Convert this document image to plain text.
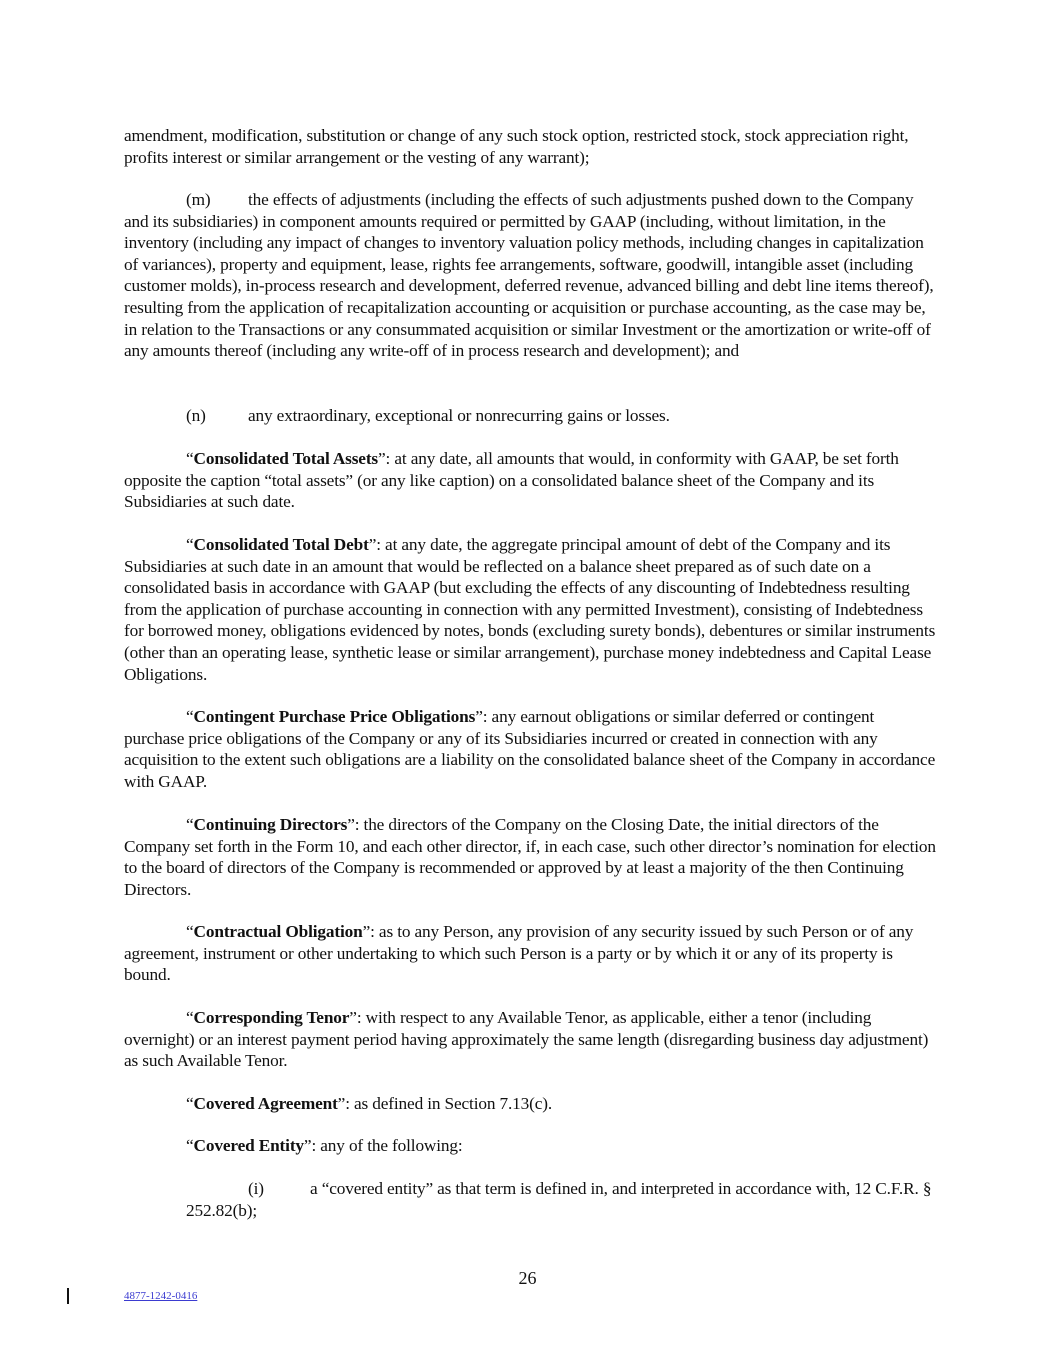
amendment, modification, substitution or change of any such stock option, restricted stock, stock appreciation right, profits interest or similar arrangement or the vesting of any warrant);

(m) the effects of adjustments (including the effects of such adjustments pushed down to the Company and its subsidiaries) in component amounts required or permitted by GAAP (including, without limitation, in the inventory (including any impact of changes to inventory valuation policy methods, including changes in capitalization of variances), property and equipment, lease, rights fee arrangements, software, goodwill, intangible asset (including customer molds), in-process research and development, deferred revenue, advanced billing and debt line items thereof), resulting from the application of recapitalization accounting or acquisition or purchase accounting, as the case may be, in relation to the Transactions or any consummated acquisition or similar Investment or the amortization or write-off of any amounts thereof (including any write-off of in process research and development); and

(n) any extraordinary, exceptional or nonrecurring gains or losses.

“Consolidated Total Assets”: at any date, all amounts that would, in conformity with GAAP, be set forth opposite the caption “total assets” (or any like caption) on a consolidated balance sheet of the Company and its Subsidiaries at such date.

“Consolidated Total Debt”: at any date, the aggregate principal amount of debt of the Company and its Subsidiaries at such date in an amount that would be reflected on a balance sheet prepared as of such date on a consolidated basis in accordance with GAAP (but excluding the effects of any discounting of Indebtedness resulting from the application of purchase accounting in connection with any permitted Investment), consisting of Indebtedness for borrowed money, obligations evidenced by notes, bonds (excluding surety bonds), debentures or similar instruments (other than an operating lease, synthetic lease or similar arrangement), purchase money indebtedness and Capital Lease Obligations.

“Contingent Purchase Price Obligations”: any earnout obligations or similar deferred or contingent purchase price obligations of the Company or any of its Subsidiaries incurred or created in connection with any acquisition to the extent such obligations are a liability on the consolidated balance sheet of the Company in accordance with GAAP.

“Continuing Directors”: the directors of the Company on the Closing Date, the initial directors of the Company set forth in the Form 10, and each other director, if, in each case, such other director’s nomination for election to the board of directors of the Company is recommended or approved by at least a majority of the then Continuing Directors.

“Contractual Obligation”: as to any Person, any provision of any security issued by such Person or of any agreement, instrument or other undertaking to which such Person is a party or by which it or any of its property is bound.

“Corresponding Tenor”: with respect to any Available Tenor, as applicable, either a tenor (including overnight) or an interest payment period having approximately the same length (disregarding business day adjustment) as such Available Tenor.

“Covered Agreement”: as defined in Section 7.13(c).

“Covered Entity”: any of the following:

(i)	a “covered entity” as that term is defined in, and interpreted in accordance with, 12 C.F.R. § 252.82(b);

26
4877-1242-0416
